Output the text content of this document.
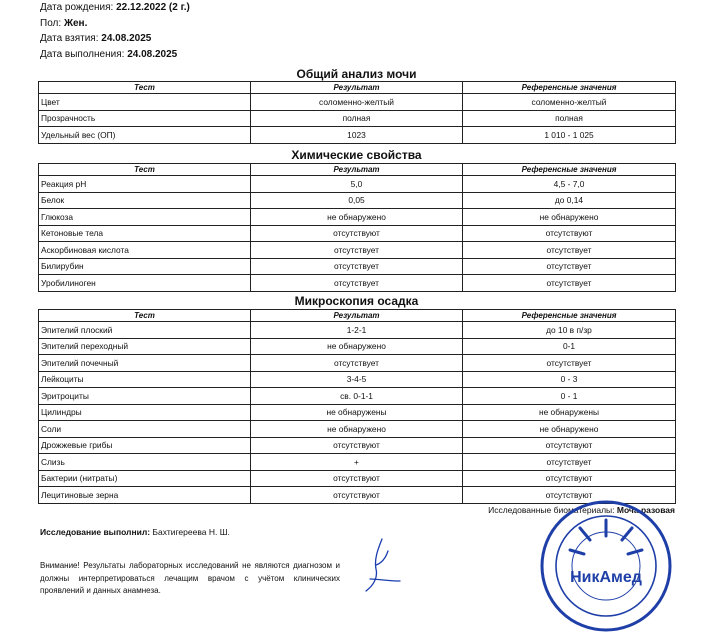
Дата рождения: 22.12.2022 (2 г.)
Пол: Жен.
Дата взятия: 24.08.2025
Дата выполнения: 24.08.2025
Общий анализ мочи
Тест	Результат	Референсные значения
Цвет	соломенно-желтый	соломенно-желтый
Прозрачность	полная	полная
Удельный вес (ОП)	1023	1 010 - 1 025
Химические свойства
Тест	Результат	Референсные значения
Реакция рН	5,0	4,5 - 7,0
Белок	0,05	до 0,14
Глюкоза	не обнаружено	не обнаружено
Кетоновые тела	отсутствуют	отсутствуют
Аскорбиновая кислота	отсутствует	отсутствует
Билирубин	отсутствует	отсутствует
Уробилиноген	отсутствует	отсутствует
Микроскопия осадка
Тест	Результат	Референсные значения
Эпителий плоский	1-2-1	до 10 в п/зр
Эпителий переходный	не обнаружено	0-1
Эпителий почечный	отсутствует	отсутствует
Лейкоциты	3-4-5	0 - 3
Эритроциты	св. 0-1-1	0 - 1
Цилиндры	не обнаружены	не обнаружены
Соли	не обнаружено	не обнаружено
Дрожжевые грибы	отсутствуют	отсутствуют
Слизь	+	отсутствует
Бактерии (нитраты)	отсутствуют	отсутствуют
Лецитиновые зерна	отсутствуют	отсутствуют
Исследованные биоматериалы: Моча разовая
Исследование выполнил: Бахтигереева Н. Ш.
Внимание! Результаты лабораторных исследований не являются диагнозом и должны интерпретироваться лечащим врачом с учётом клинических проявлений и данных анамнеза.
НикАмед
